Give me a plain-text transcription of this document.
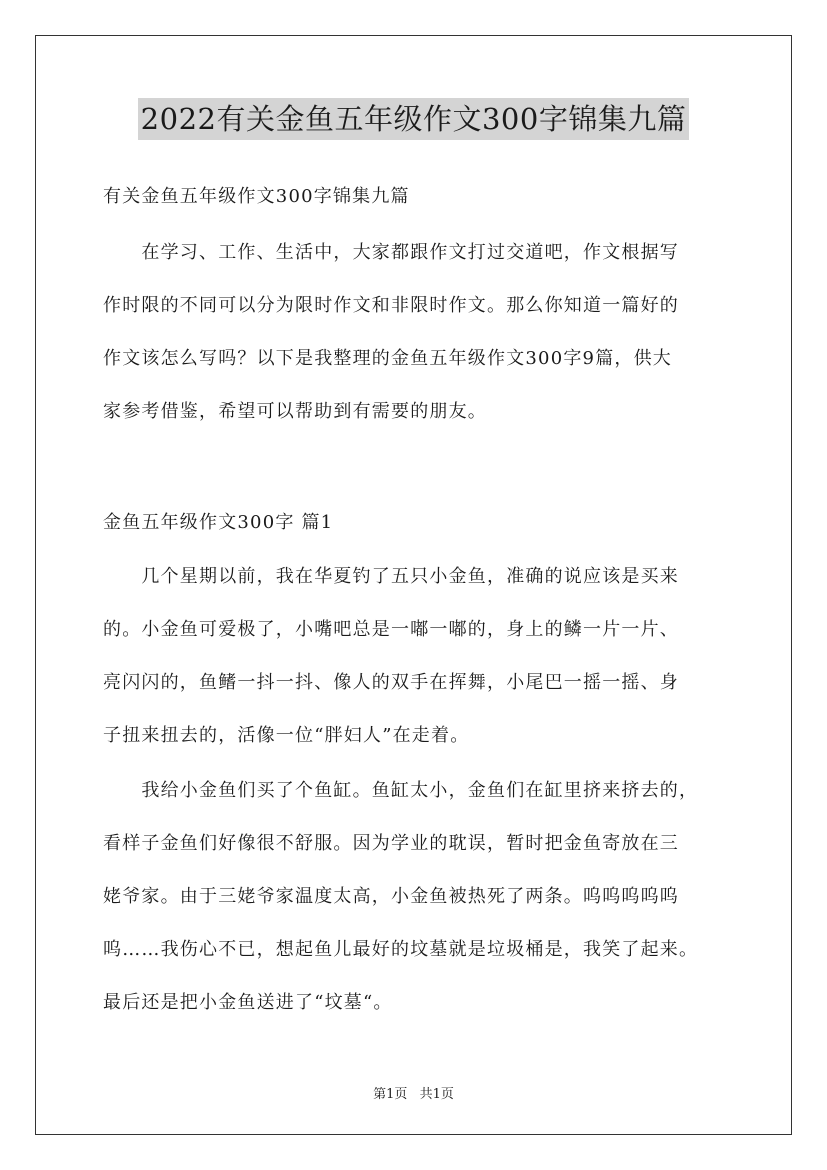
2022有关金鱼五年级作文300字锦集九篇
有关金鱼五年级作文300字锦集九篇
　　在学习、工作、生活中，大家都跟作文打过交道吧，作文根据写
作时限的不同可以分为限时作文和非限时作文。那么你知道一篇好的
作文该怎么写吗？以下是我整理的金鱼五年级作文300字9篇，供大
家参考借鉴，希望可以帮助到有需要的朋友。
金鱼五年级作文300字 篇1
　　几个星期以前，我在华夏钓了五只小金鱼，准确的说应该是买来
的。小金鱼可爱极了，小嘴吧总是一嘟一嘟的，身上的鳞一片一片、
亮闪闪的，鱼鳍一抖一抖、像人的双手在挥舞，小尾巴一摇一摇、身
子扭来扭去的，活像一位“胖妇人”在走着。
　　我给小金鱼们买了个鱼缸。鱼缸太小，金鱼们在缸里挤来挤去的，
看样子金鱼们好像很不舒服。因为学业的耽误，暂时把金鱼寄放在三
姥爷家。由于三姥爷家温度太高，小金鱼被热死了两条。呜呜呜呜呜
呜……我伤心不已，想起鱼儿最好的坟墓就是垃圾桶是，我笑了起来。
最后还是把小金鱼送进了“坟墓“。
第1页 共1页
